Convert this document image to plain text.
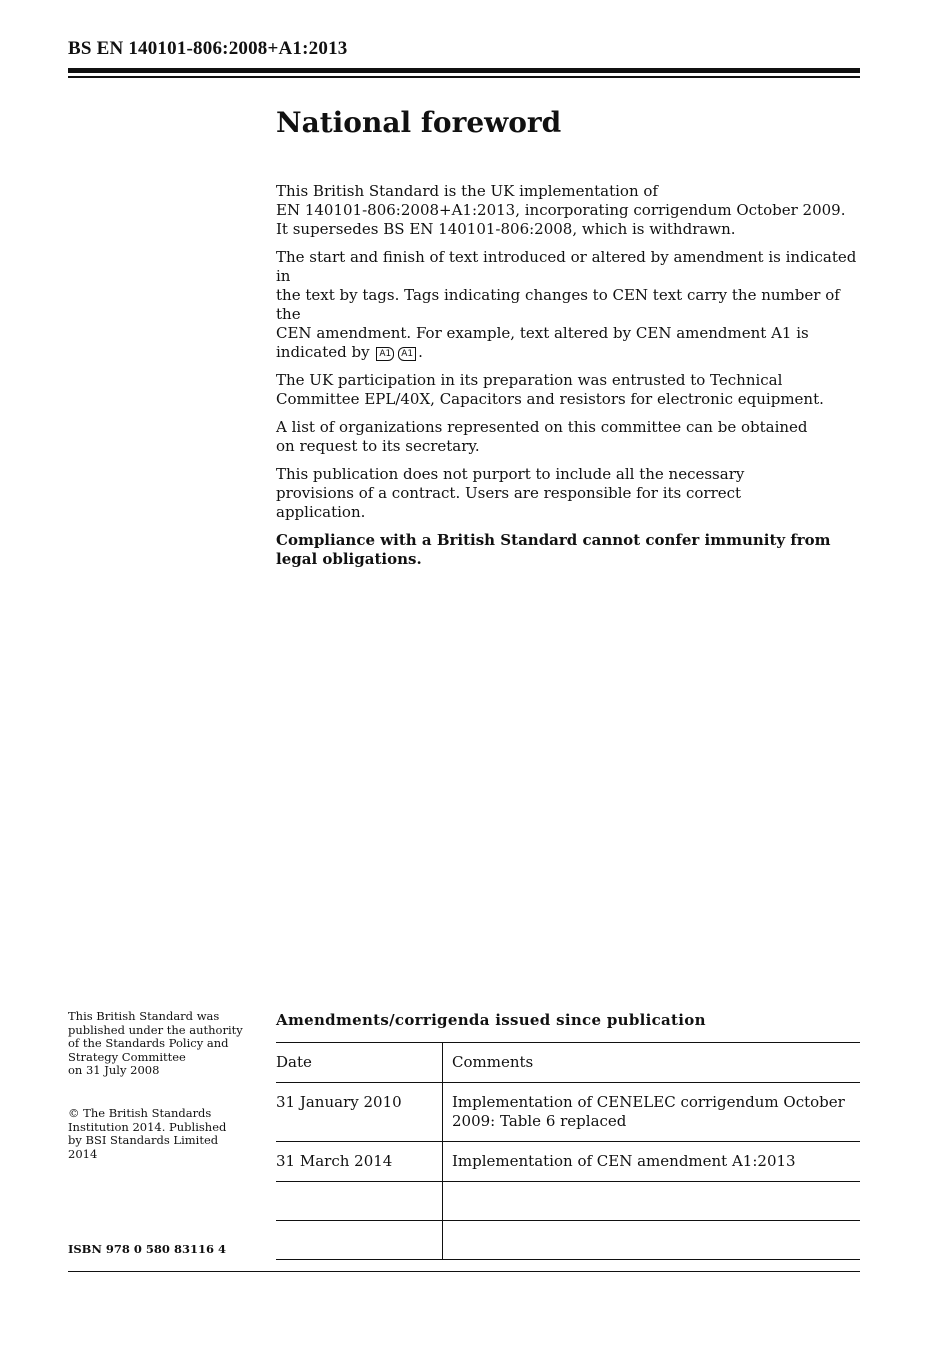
BS EN 140101-806:2008+A1:2013
National foreword

This British Standard is the UK implementation of
EN 140101-806:2008+A1:2013, incorporating corrigendum October 2009.
It supersedes BS EN 140101-806:2008, which is withdrawn.

The start and finish of text introduced or altered by amendment is indicated in
the text by tags. Tags indicating changes to CEN text carry the number of the
CEN amendment. For example, text altered by CEN amendment A1 is
indicated by A1 A1 .

The UK participation in its preparation was entrusted to Technical
Committee EPL/40X, Capacitors and resistors for electronic equipment.

A list of organizations represented on this committee can be obtained
on request to its secretary.

This publication does not purport to include all the necessary
provisions of a contract. Users are responsible for its correct
application.

Compliance with a British Standard cannot confer immunity from
legal obligations.

This British Standard was
published under the authority
of the Standards Policy and
Strategy Committee
on 31 July 2008
© The British Standards
Institution 2014. Published
by BSI Standards Limited
2014
ISBN 978 0 580 83116 4
Amendments/corrigenda issued since publication
Date	Comments
31 January 2010	Implementation of CENELEC corrigendum October 2009: Table 6 replaced
31 March 2014	Implementation of CEN amendment A1:2013
